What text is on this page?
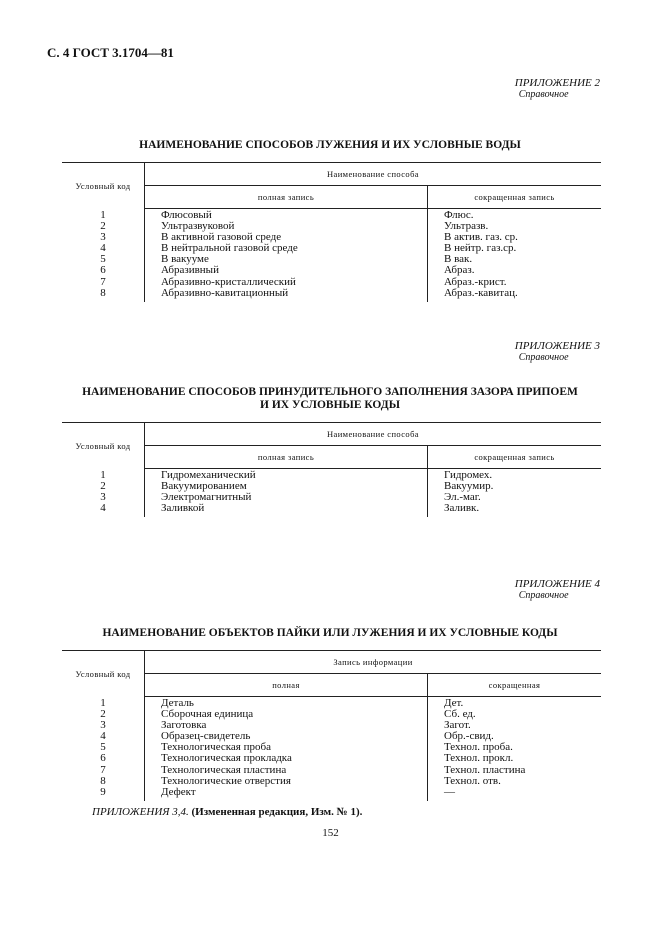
С. 4 ГОСТ 3.1704—81
ПРИЛОЖЕНИЕ 2
Справочное
НАИМЕНОВАНИЕ СПОСОБОВ ЛУЖЕНИЯ И ИХ УСЛОВНЫЕ ВОДЫ
Условный код	Наименование способа	
	полная запись	сокращенная запись
1	Флюсовый	Флюс.
2	Ультразвуковой	Ультразв.
3	В активной газовой среде	В актив. газ. ср.
4	В нейтральной газовой среде	В нейтр. газ.ср.
5	В вакууме	В вак.
6	Абразивный	Абраз.
7	Абразивно-кристаллический	Абраз.-крист.
8	Абразивно-кавитационный	Абраз.-кавитац.
ПРИЛОЖЕНИЕ 3
Справочное
НАИМЕНОВАНИЕ СПОСОБОВ ПРИНУДИТЕЛЬНОГО ЗАПОЛНЕНИЯ ЗАЗОРА ПРИПОЕМ
И ИХ УСЛОВНЫЕ КОДЫ
Условный код	Наименование способа	
	полная запись	сокращенная запись
1	Гидромеханический	Гидромех.
2	Вакуумированием	Вакуумир.
3	Электромагнитный	Эл.-маг.
4	Заливкой	Заливк.
ПРИЛОЖЕНИЕ 4
Справочное
НАИМЕНОВАНИЕ ОБЪЕКТОВ ПАЙКИ ИЛИ ЛУЖЕНИЯ И ИХ УСЛОВНЫЕ КОДЫ
Условный код	Запись информации	
	полная	сокращенная
1	Деталь	Дет.
2	Сборочная единица	Сб. ед.
3	Заготовка	Загот.
4	Образец-свидетель	Обр.-свид.
5	Технологическая проба	Технол. проба.
6	Технологическая прокладка	Технол. прокл.
7	Технологическая пластина	Технол. пластина
8	Технологические отверстия	Технол. отв.
9	Дефект	—
ПРИЛОЖЕНИЯ 3,4. (Измененная редакция, Изм. № 1).
152
